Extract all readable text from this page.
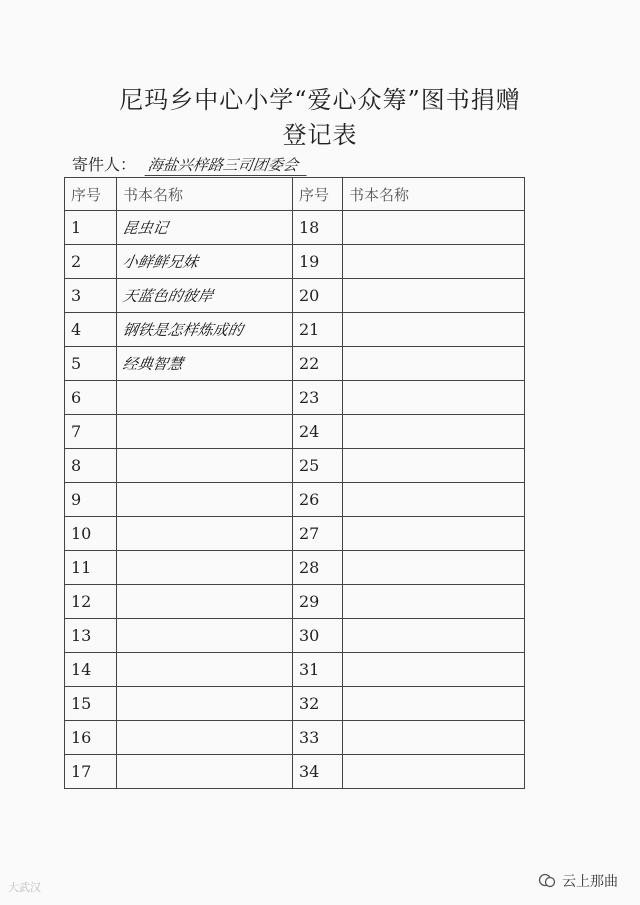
尼玛乡中心小学“爱心众筹”图书捐赠
登记表
寄件人： 海盐兴梓路三司团委会
序号	书本名称	序号	书本名称
1	昆虫记	18	
2	小鲜鲜兄妹	19	
3	天蓝色的彼岸	20	
4	钢铁是怎样炼成的	21	
5	经典智慧	22	
6		23	
7		24	
8		25	
9		26	
10		27	
11		28	
12		29	
13		30	
14		31	
15		32	
16		33	
17		34	
大武汉	云上那曲
